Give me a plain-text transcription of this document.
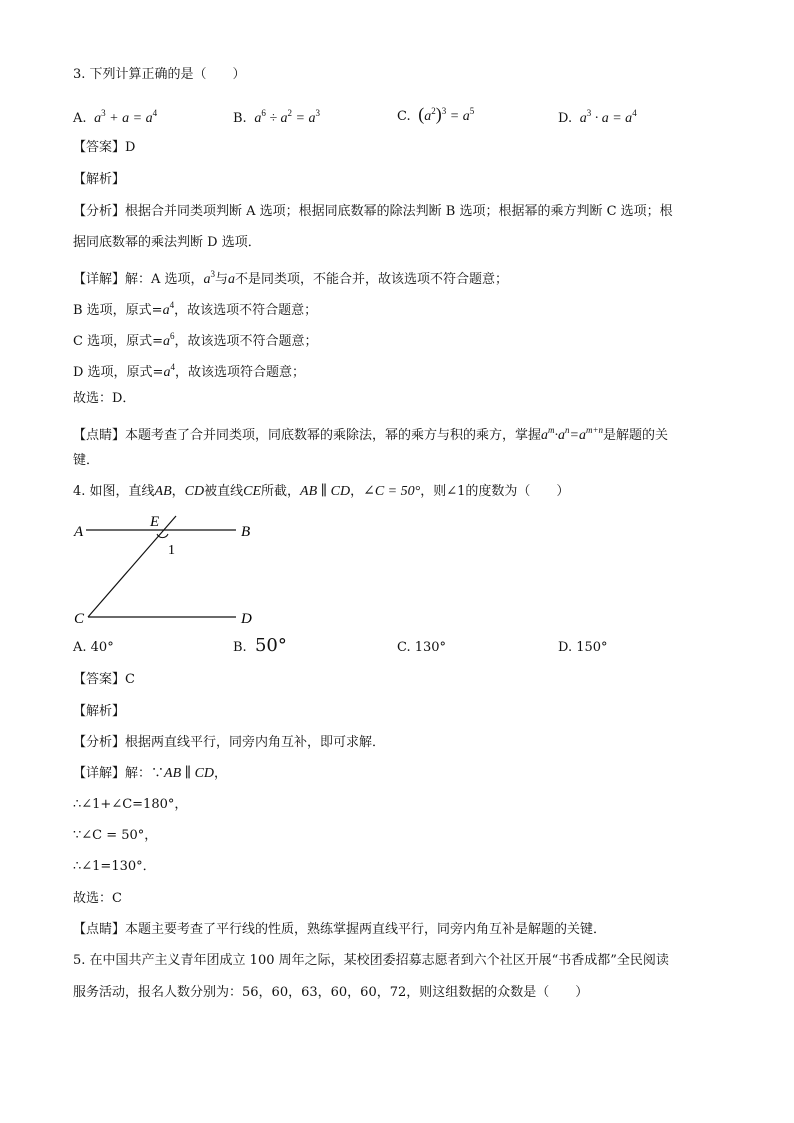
3. 下列计算正确的是（　　）
A.  $a^3 + a = a^4$	B.  $a^6 \div a^2 = a^3$	C. $(a^2)^3 = a^5$	D.  $a^3 \cdot a = a^4$
【答案】D
【解析】
【分析】根据合并同类项判断 A 选项；根据同底数幂的除法判断 B 选项；根据幂的乘方判断 C 选项；根
据同底数幂的乘法判断 D 选项．
【详解】解：A 选项，$a^3$与a不是同类项，不能合并，故该选项不符合题意；
B 选项，原式$=a^4$，故该选项不符合题意；
C 选项，原式$=a^6$，故该选项不符合题意；
D 选项，原式$=a^4$，故该选项符合题意；
故选：D．
【点睛】本题考查了合并同类项，同底数幂的乘除法，幂的乘方与积的乘方，掌握$a^m\cdot a^n=a^{m+n}$是解题的关
键．
4. 如图，直线AB，CD被直线CE所截，AB ∥ CD，∠C = 50°，则∠1的度数为（　　）
A
E
B
1
C	D
A. 40°	B. 50°	C. 130°	D. 150°
【答案】C
【解析】
【分析】根据两直线平行，同旁内角互补，即可求解．
【详解】解：∵AB ∥ CD，
∴∠1+∠C=180°，
∵∠C = 50°，
∴∠1=130°．
故选：C
【点睛】本题主要考查了平行线的性质，熟练掌握两直线平行，同旁内角互补是解题的关键．
5. 在中国共产主义青年团成立 100 周年之际，某校团委招募志愿者到六个社区开展“书香成都”全民阅读
服务活动，报名人数分别为：56，60，63，60，60，72，则这组数据的众数是（　　）
